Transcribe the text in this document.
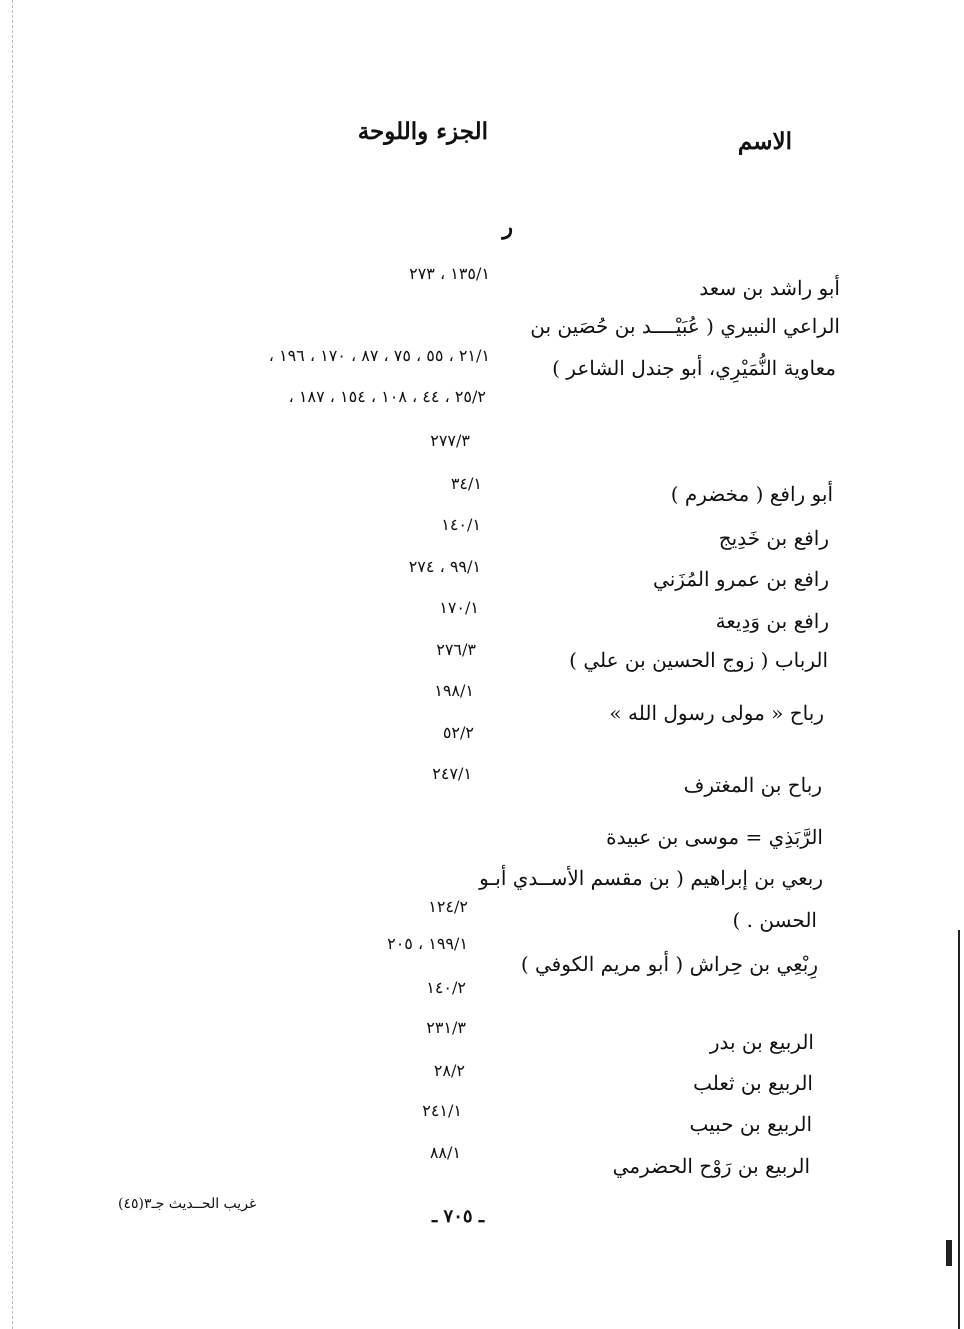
الاسم
الجزء واللوحة
ر
أبو راشد بن سعد
الراعي النبيري ( عُبَيْــــد بن حُصَين بن
معاوية النُّمَيْرِي، أبو جندل الشاعر )
أبو رافع ( مخضرم )
رافع بن خَدِيج
رافع بن عمرو المُزَني
رافع بن وَدِيعة
الرباب ( زوج الحسين بن علي )
رباح « مولى رسول الله »
رباح بن المغترف
الرَّبَذِي = موسى بن عبيدة
ربعي بن إبراهيم ( بن مقسم الأســدي أبـو
الحسن . )
رِبْعِي بن حِراش ( أبو مريم الكوفي )
الربيع بن بدر
الربيع بن ثعلب
الربيع بن حبيب
الربيع بن رَوْح الحضرمي
١٣٥/١ ، ٢٧٣
٢١/١ ، ٥٥ ، ٧٥ ، ٨٧ ، ١٧٠ ، ١٩٦ ،
٢٥/٢ ، ٤٤ ، ١٠٨ ، ١٥٤ ، ١٨٧ ،
٢٧٧/٣
٣٤/١
١٤٠/١
٩٩/١ ، ٢٧٤
١٧٠/١
٢٧٦/٣
١٩٨/١
٥٢/٢
٢٤٧/١
١٢٤/٢
١٩٩/١ ، ٢٠٥
١٤٠/٢
٢٣١/٣
٢٨/٢
٢٤١/١
٨٨/١
غريب الحــديث جـ٣(٤٥)
ـ ٧٠٥ ـ
